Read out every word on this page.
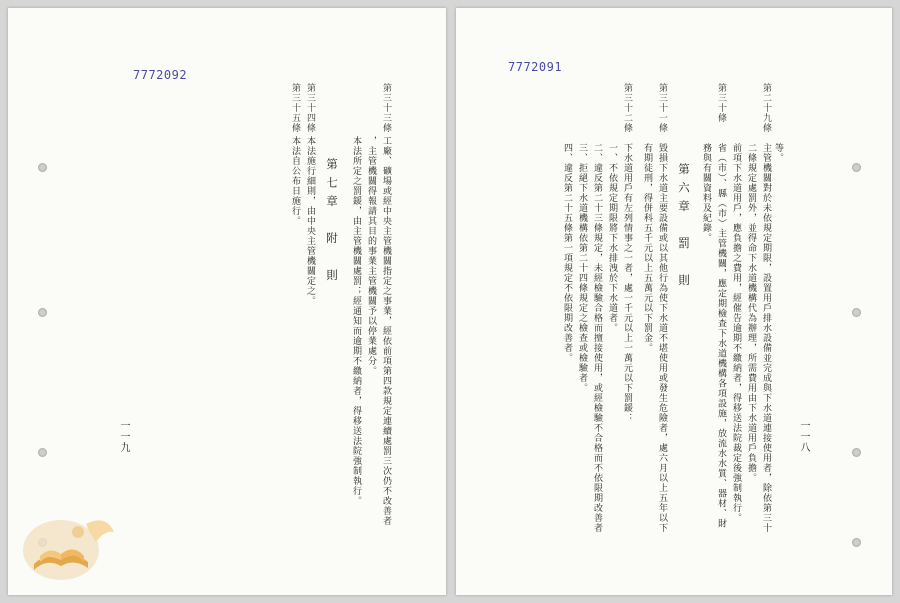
7772092
第三十三條
工廠、礦場或經中央主管機關指定之事業，經依前項第四款規定連續處罰三次仍不改善者
，主管機關得報請其目的事業主管機關予以停業處分。
本法所定之罰鍰，由主管機關處罰；經通知而逾期不繳納者，得移送法院強制執行。
第七章　附　則
第三十四條
本法施行細則，由中央主管機關定之。
第三十五條
本法自公布日施行。
一一九
7772091
等。
第二十九條
主管機關對於未依規定期限，設置用戶排水設備並完成與下水道連接使用者，除依第三十
二條規定處罰外，並得命下水道機構代為辦理，所需費用由下水道用戶負擔。
前項下水道用戶，應負擔之費用，經催告逾期不繳納者，得移送法院裁定後強制執行。
第三十條
省（市）、縣（市）主管機關，應定期檢查下水道機構各項設施，放流水水質、器材、財
務與有關資料及紀錄。
第六章　罰　則
第三十一條
毀損下水道主要設備或以其他行為使下水道不堪使用或發生危險者，處六月以上五年以下
有期徒刑，得併科五千元以上五萬元以下罰金。
第三十二條
下水道用戶有左列情事之一者，處一千元以上一萬元以下罰鍰：
一、不依規定期限將下水排洩於下水道者。
二、違反第二十三條規定，未經檢驗合格而擅接使用，或經檢驗不合格而不依限期改善者
三、拒絕下水道機構依第二十四條規定之檢查或檢驗者。
四、違反第二十五條第一項規定不依限期改善者。
一一八
